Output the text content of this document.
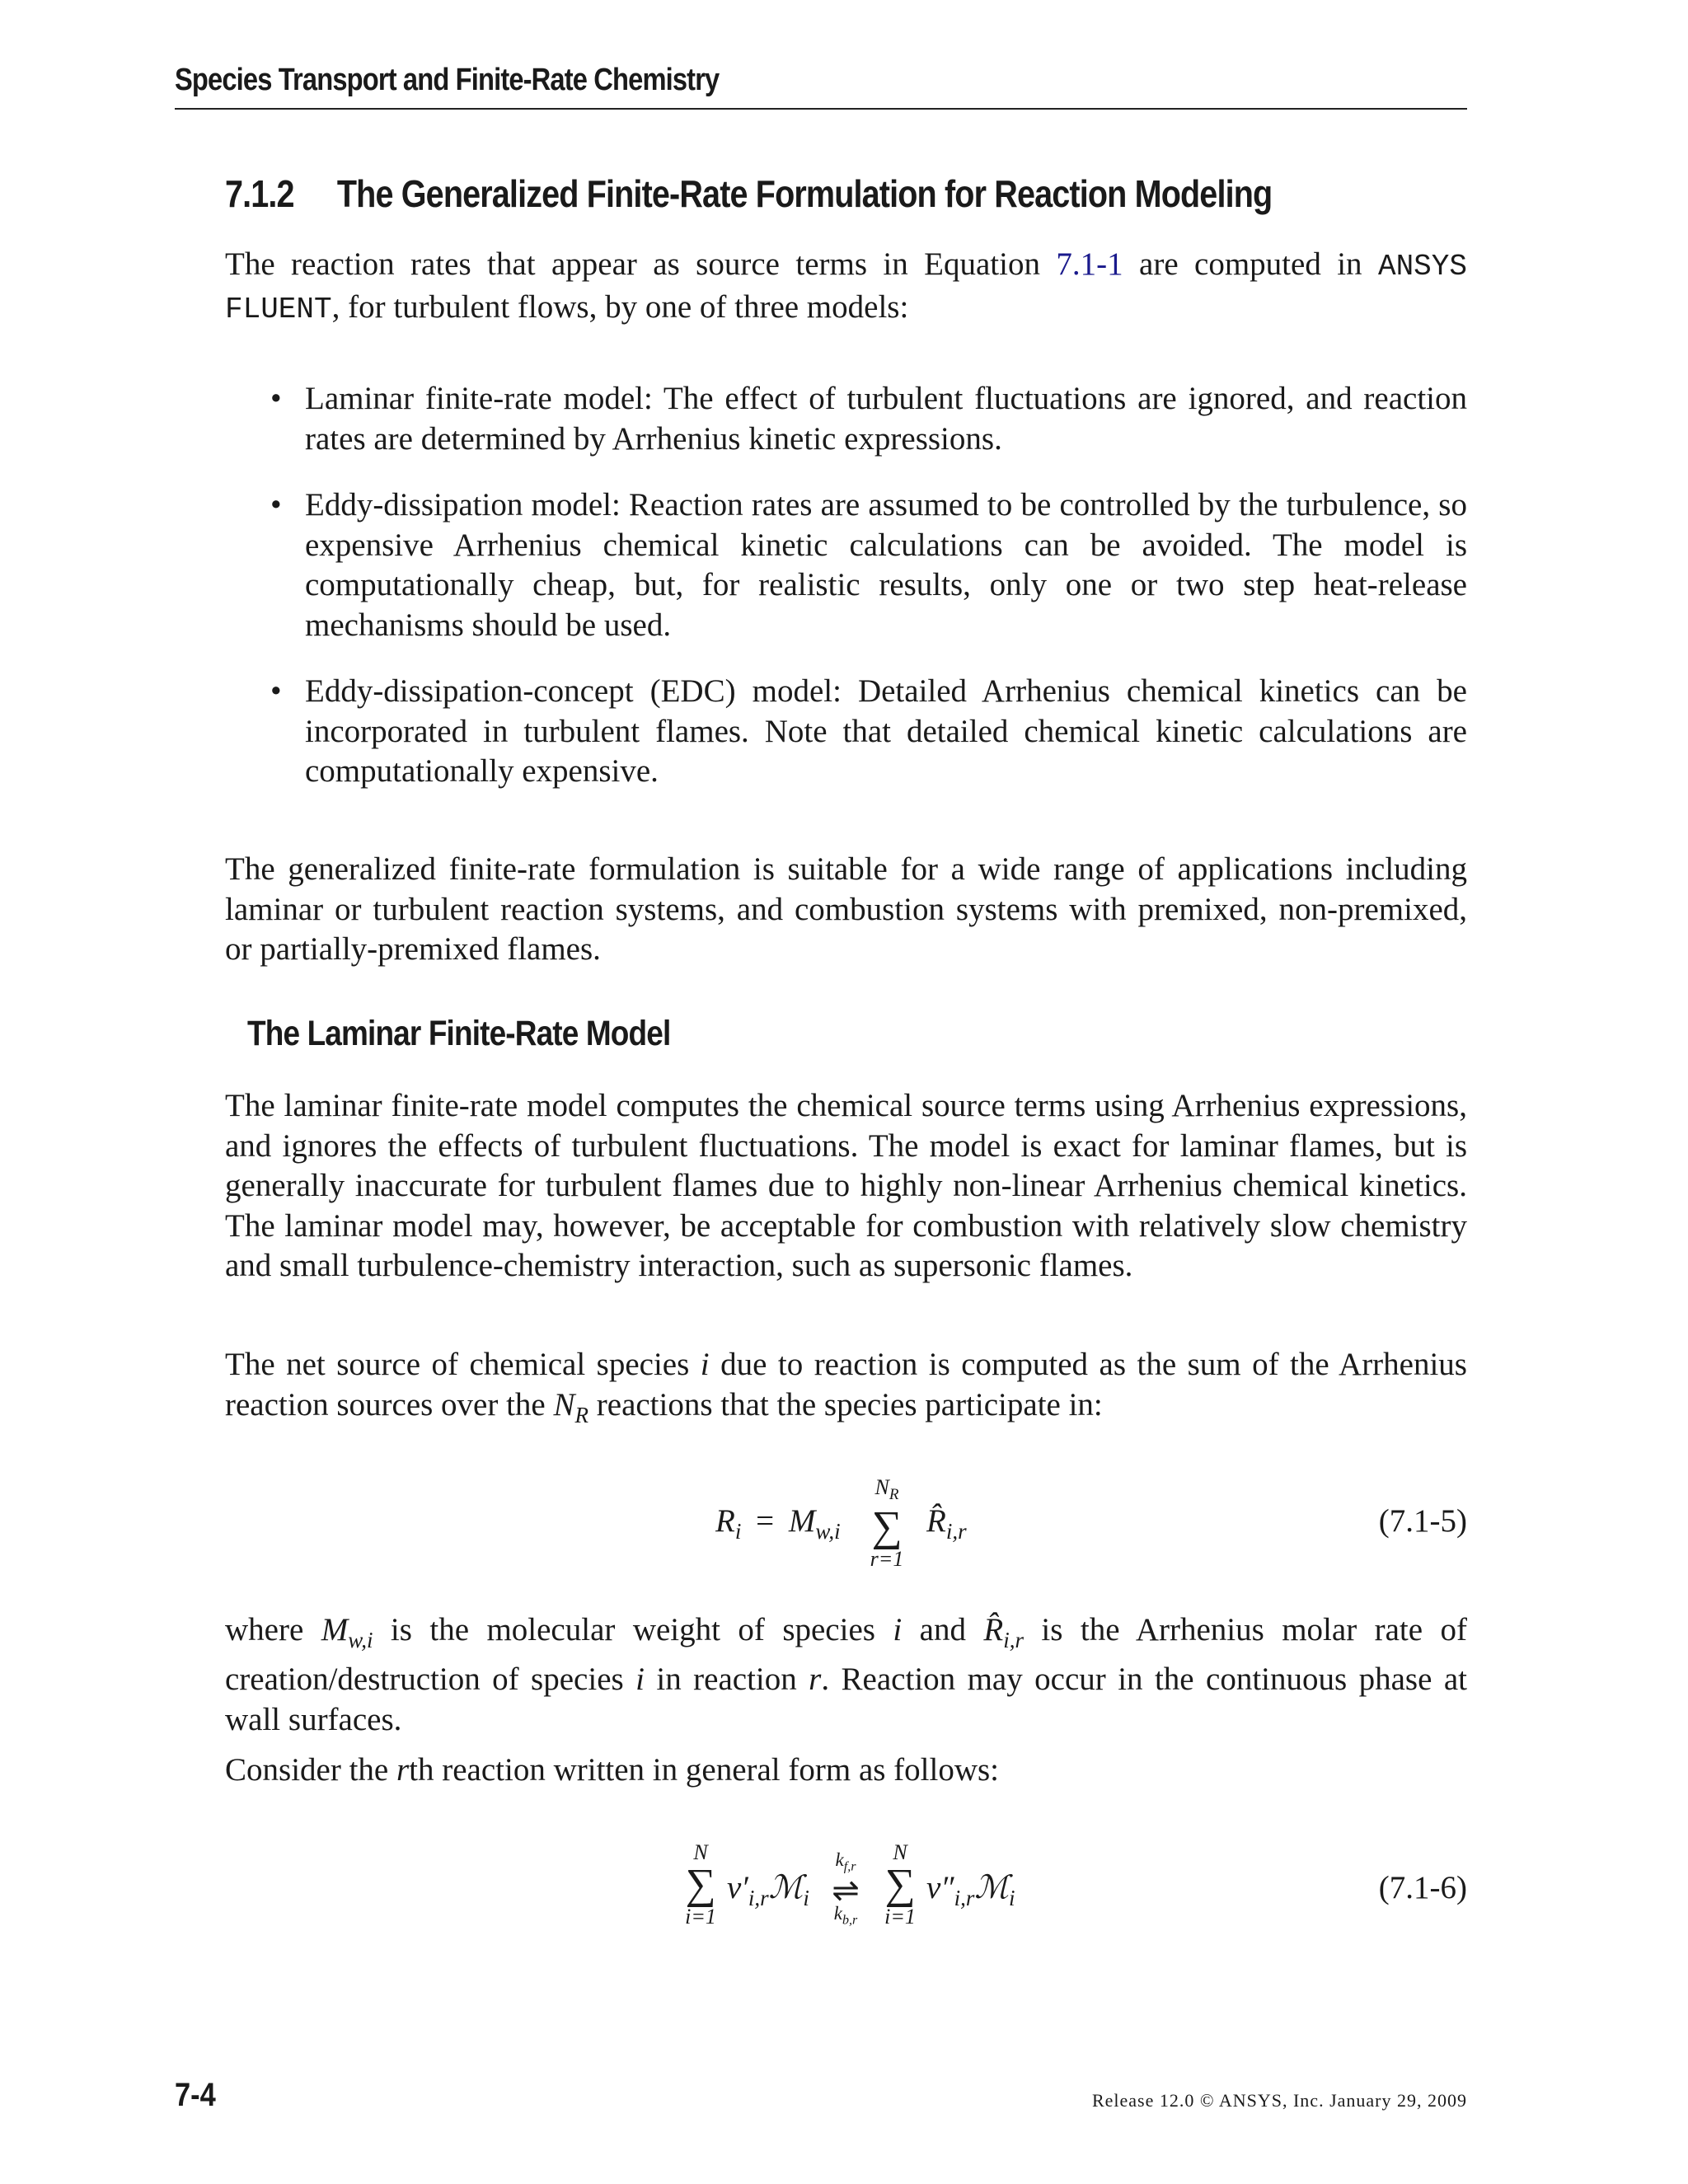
Species Transport and Finite-Rate Chemistry
7.1.2 The Generalized Finite-Rate Formulation for Reaction Modeling

The reaction rates that appear as source terms in Equation 7.1-1 are computed in ANSYS FLUENT, for turbulent flows, by one of three models:

• Laminar finite-rate model: The effect of turbulent fluctuations are ignored, and reaction rates are determined by Arrhenius kinetic expressions.
• Eddy-dissipation model: Reaction rates are assumed to be controlled by the turbulence, so expensive Arrhenius chemical kinetic calculations can be avoided. The model is computationally cheap, but, for realistic results, only one or two step heat-release mechanisms should be used.
• Eddy-dissipation-concept (EDC) model: Detailed Arrhenius chemical kinetics can be incorporated in turbulent flames. Note that detailed chemical kinetic calculations are computationally expensive.

The generalized finite-rate formulation is suitable for a wide range of applications including laminar or turbulent reaction systems, and combustion systems with premixed, non-premixed, or partially-premixed flames.

The Laminar Finite-Rate Model

The laminar finite-rate model computes the chemical source terms using Arrhenius expressions, and ignores the effects of turbulent fluctuations. The model is exact for laminar flames, but is generally inaccurate for turbulent flames due to highly non-linear Arrhenius chemical kinetics. The laminar model may, however, be acceptable for combustion with relatively slow chemistry and small turbulence-chemistry interaction, such as supersonic flames.

The net source of chemical species i due to reaction is computed as the sum of the Arrhenius reaction sources over the $N_R$ reactions that the species participate in:

$R_i = M_{w,i}$
$N_R$
∑
r=1
$R̂_{i,r}$	(7.1-5)

where $M_{w,i}$ is the molecular weight of species i and $R̂_{i,r}$ is the Arrhenius molar rate of creation/destruction of species i in reaction r. Reaction may occur in the continuous phase at wall surfaces.

Consider the rth reaction written in general form as follows:

N
∑
i=1
$\nu'_{i,r}ℳ_i$
$k_{f,r}$
⇌
$k_{b,r}$
N
∑
i=1
$\nu''_{i,r}ℳ_i$	(7.1-6)
7-4	Release 12.0 © ANSYS, Inc. January 29, 2009
